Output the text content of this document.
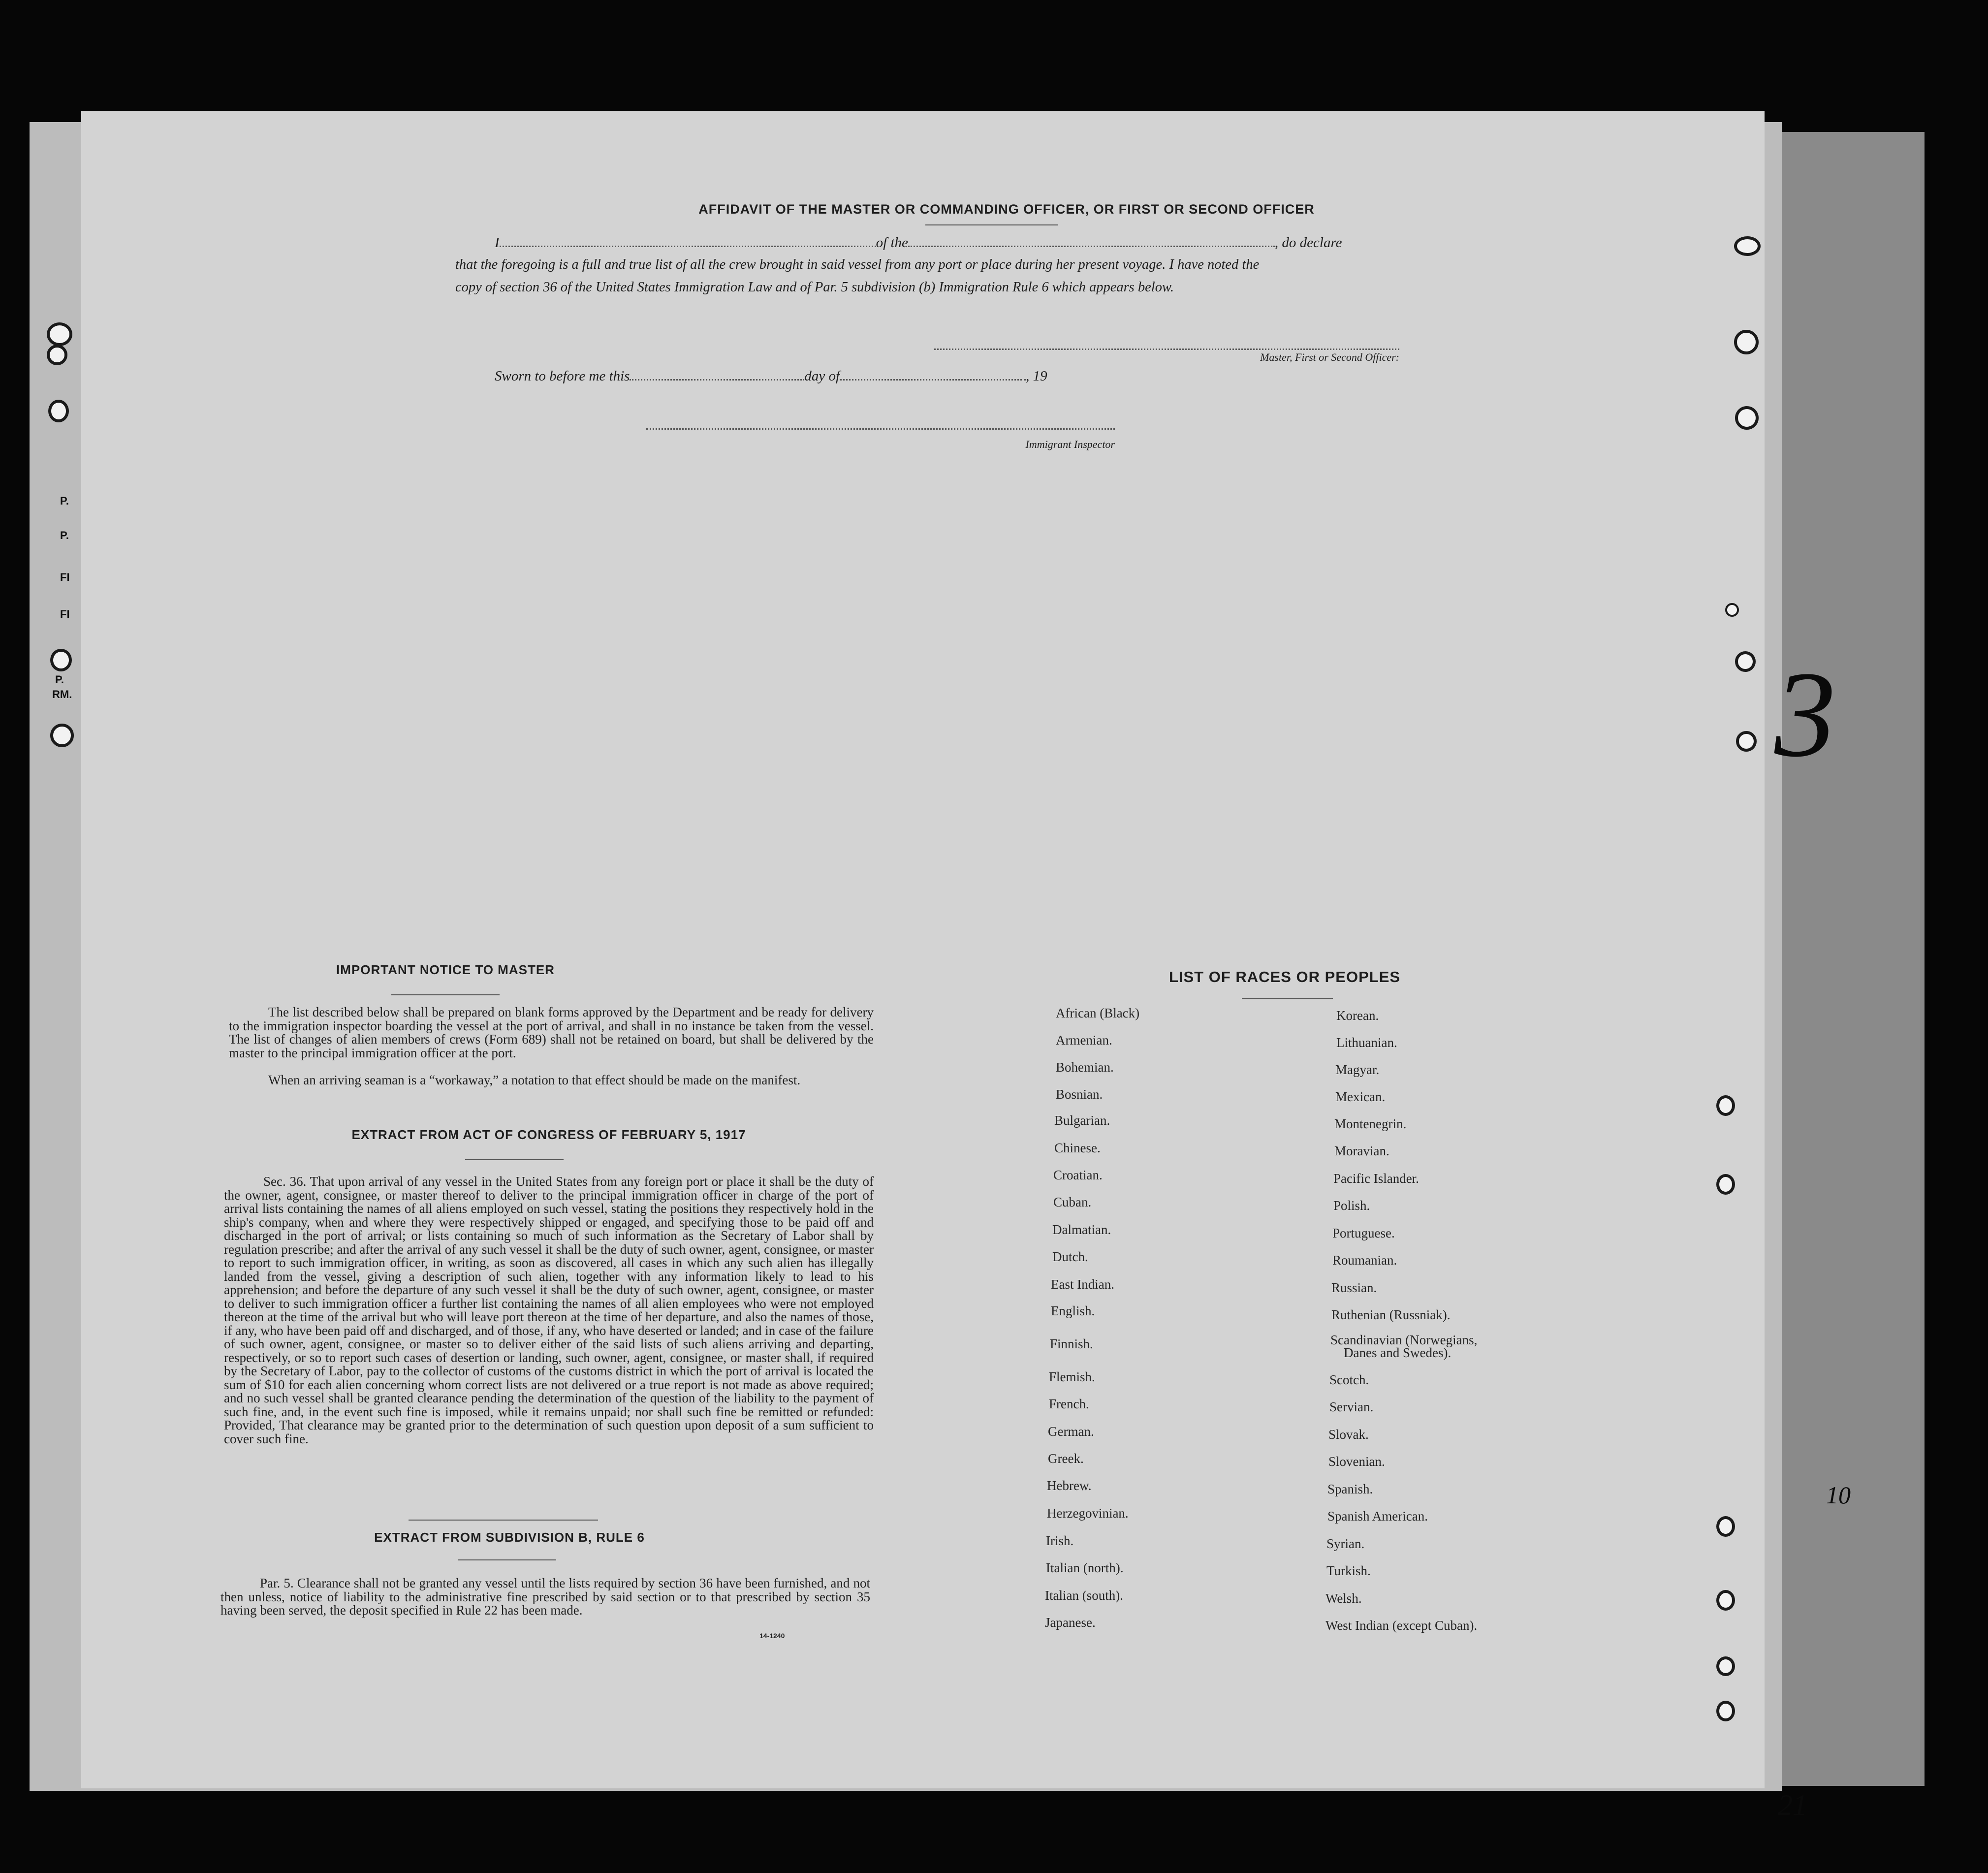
3
10
21
P.
P.
FI
FI
P.
RM.
AFFIDAVIT OF THE MASTER OR COMMANDING OFFICER, OR FIRST OR SECOND OFFICER
I	of the	, do declare
that the foregoing is a full and true list of all the crew brought in said vessel from any port or place during her present voyage. I have noted the
copy of section 36 of the United States Immigration Law and of Par. 5 subdivision (b) Immigration Rule 6 which appears below.
Master, First or Second Officer:
Sworn to before me this	day of	, 19
Immigrant Inspector
IMPORTANT NOTICE TO MASTER
The list described below shall be prepared on blank forms approved by the Department and be ready for delivery to the immigration inspector boarding the vessel at the port of arrival, and shall in no instance be taken from the vessel. The list of changes of alien members of crews (Form 689) shall not be retained on board, but shall be delivered by the master to the principal immigration officer at the port.
When an arriving seaman is a “workaway,” a notation to that effect should be made on the manifest.
EXTRACT FROM ACT OF CONGRESS OF FEBRUARY 5, 1917
Sec. 36. That upon arrival of any vessel in the United States from any foreign port or place it shall be the duty of the owner, agent, consignee, or master thereof to deliver to the principal immigration officer in charge of the port of arrival lists containing the names of all aliens employed on such vessel, stating the positions they respectively hold in the ship's company, when and where they were respectively shipped or engaged, and specifying those to be paid off and discharged in the port of arrival; or lists containing so much of such information as the Secretary of Labor shall by regulation prescribe; and after the arrival of any such vessel it shall be the duty of such owner, agent, consignee, or master to report to such immigration officer, in writing, as soon as discovered, all cases in which any such alien has illegally landed from the vessel, giving a description of such alien, together with any information likely to lead to his apprehension; and before the departure of any such vessel it shall be the duty of such owner, agent, consignee, or master to deliver to such immigration officer a further list containing the names of all alien employees who were not employed thereon at the time of the arrival but who will leave port thereon at the time of her departure, and also the names of those, if any, who have been paid off and discharged, and of those, if any, who have deserted or landed; and in case of the failure of such owner, agent, consignee, or master so to deliver either of the said lists of such aliens arriving and departing, respectively, or so to report such cases of desertion or landing, such owner, agent, consignee, or master shall, if required by the Secretary of Labor, pay to the collector of customs of the customs district in which the port of arrival is located the sum of $10 for each alien concerning whom correct lists are not delivered or a true report is not made as above required; and no such vessel shall be granted clearance pending the determination of the question of the liability to the payment of such fine, and, in the event such fine is imposed, while it remains unpaid; nor shall such fine be remitted or refunded: Provided, That clearance may be granted prior to the determination of such question upon deposit of a sum sufficient to cover such fine.
EXTRACT FROM SUBDIVISION B, RULE 6
Par. 5. Clearance shall not be granted any vessel until the lists required by section 36 have been furnished, and not then unless, notice of liability to the administrative fine prescribed by said section or to that prescribed by section 35 having been served, the deposit specified in Rule 22 has been made.
14-1240
LIST OF RACES OR PEOPLES
African (Black)
Armenian.
Bohemian.
Bosnian.
Bulgarian.
Chinese.
Croatian.
Cuban.
Dalmatian.
Dutch.
East Indian.
English.
Finnish.
Flemish.
French.
German.
Greek.
Hebrew.
Herzegovinian.
Irish.
Italian (north).
Italian (south).
Japanese.
Korean.
Lithuanian.
Magyar.
Mexican.
Montenegrin.
Moravian.
Pacific Islander.
Polish.
Portuguese.
Roumanian.
Russian.
Ruthenian (Russniak).
Scandinavian (Norwegians,
Danes and Swedes).
Scotch.
Servian.
Slovak.
Slovenian.
Spanish.
Spanish American.
Syrian.
Turkish.
Welsh.
West Indian (except Cuban).
